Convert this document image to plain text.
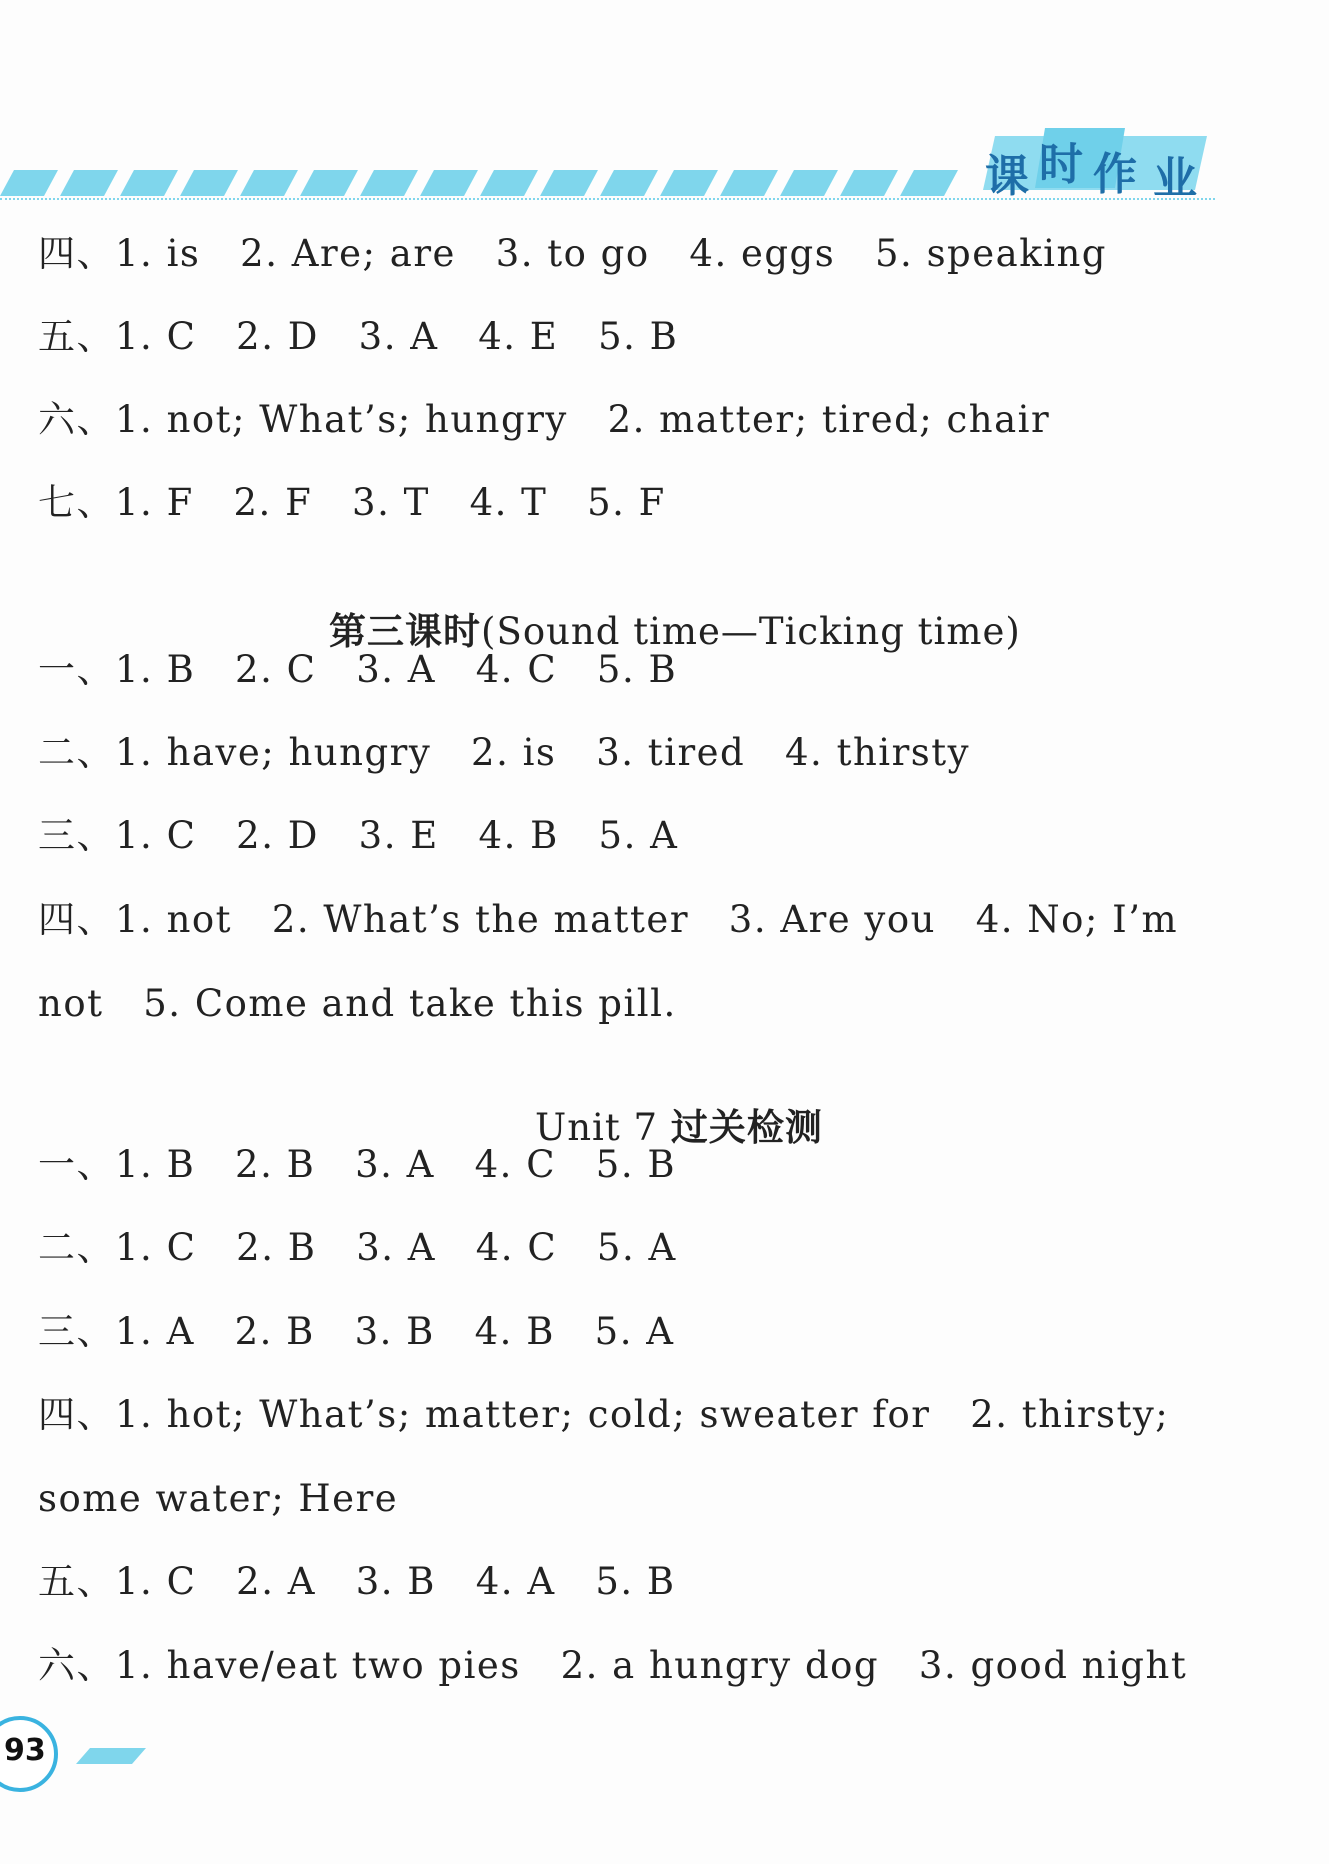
课 时 作 业
四、1. is   2. Are; are   3. to go   4. eggs   5. speaking
五、1. C   2. D   3. A   4. E   5. B
六、1. not; What’s; hungry   2. matter; tired; chair
七、1. F   2. F   3. T   4. T   5. F

第三课时(Sound time—Ticking time)

一、1. B   2. C   3. A   4. C   5. B
二、1. have; hungry   2. is   3. tired   4. thirsty
三、1. C   2. D   3. E   4. B   5. A
四、1. not   2. What’s the matter   3. Are you   4. No; I’m
not   5. Come and take this pill.

Unit 7 过关检测

一、1. B   2. B   3. A   4. C   5. B
二、1. C   2. B   3. A   4. C   5. A
三、1. A   2. B   3. B   4. B   5. A
四、1. hot; What’s; matter; cold; sweater for   2. thirsty;
some water; Here
五、1. C   2. A   3. B   4. A   5. B
六、1. have/eat two pies   2. a hungry dog   3. good night
93
